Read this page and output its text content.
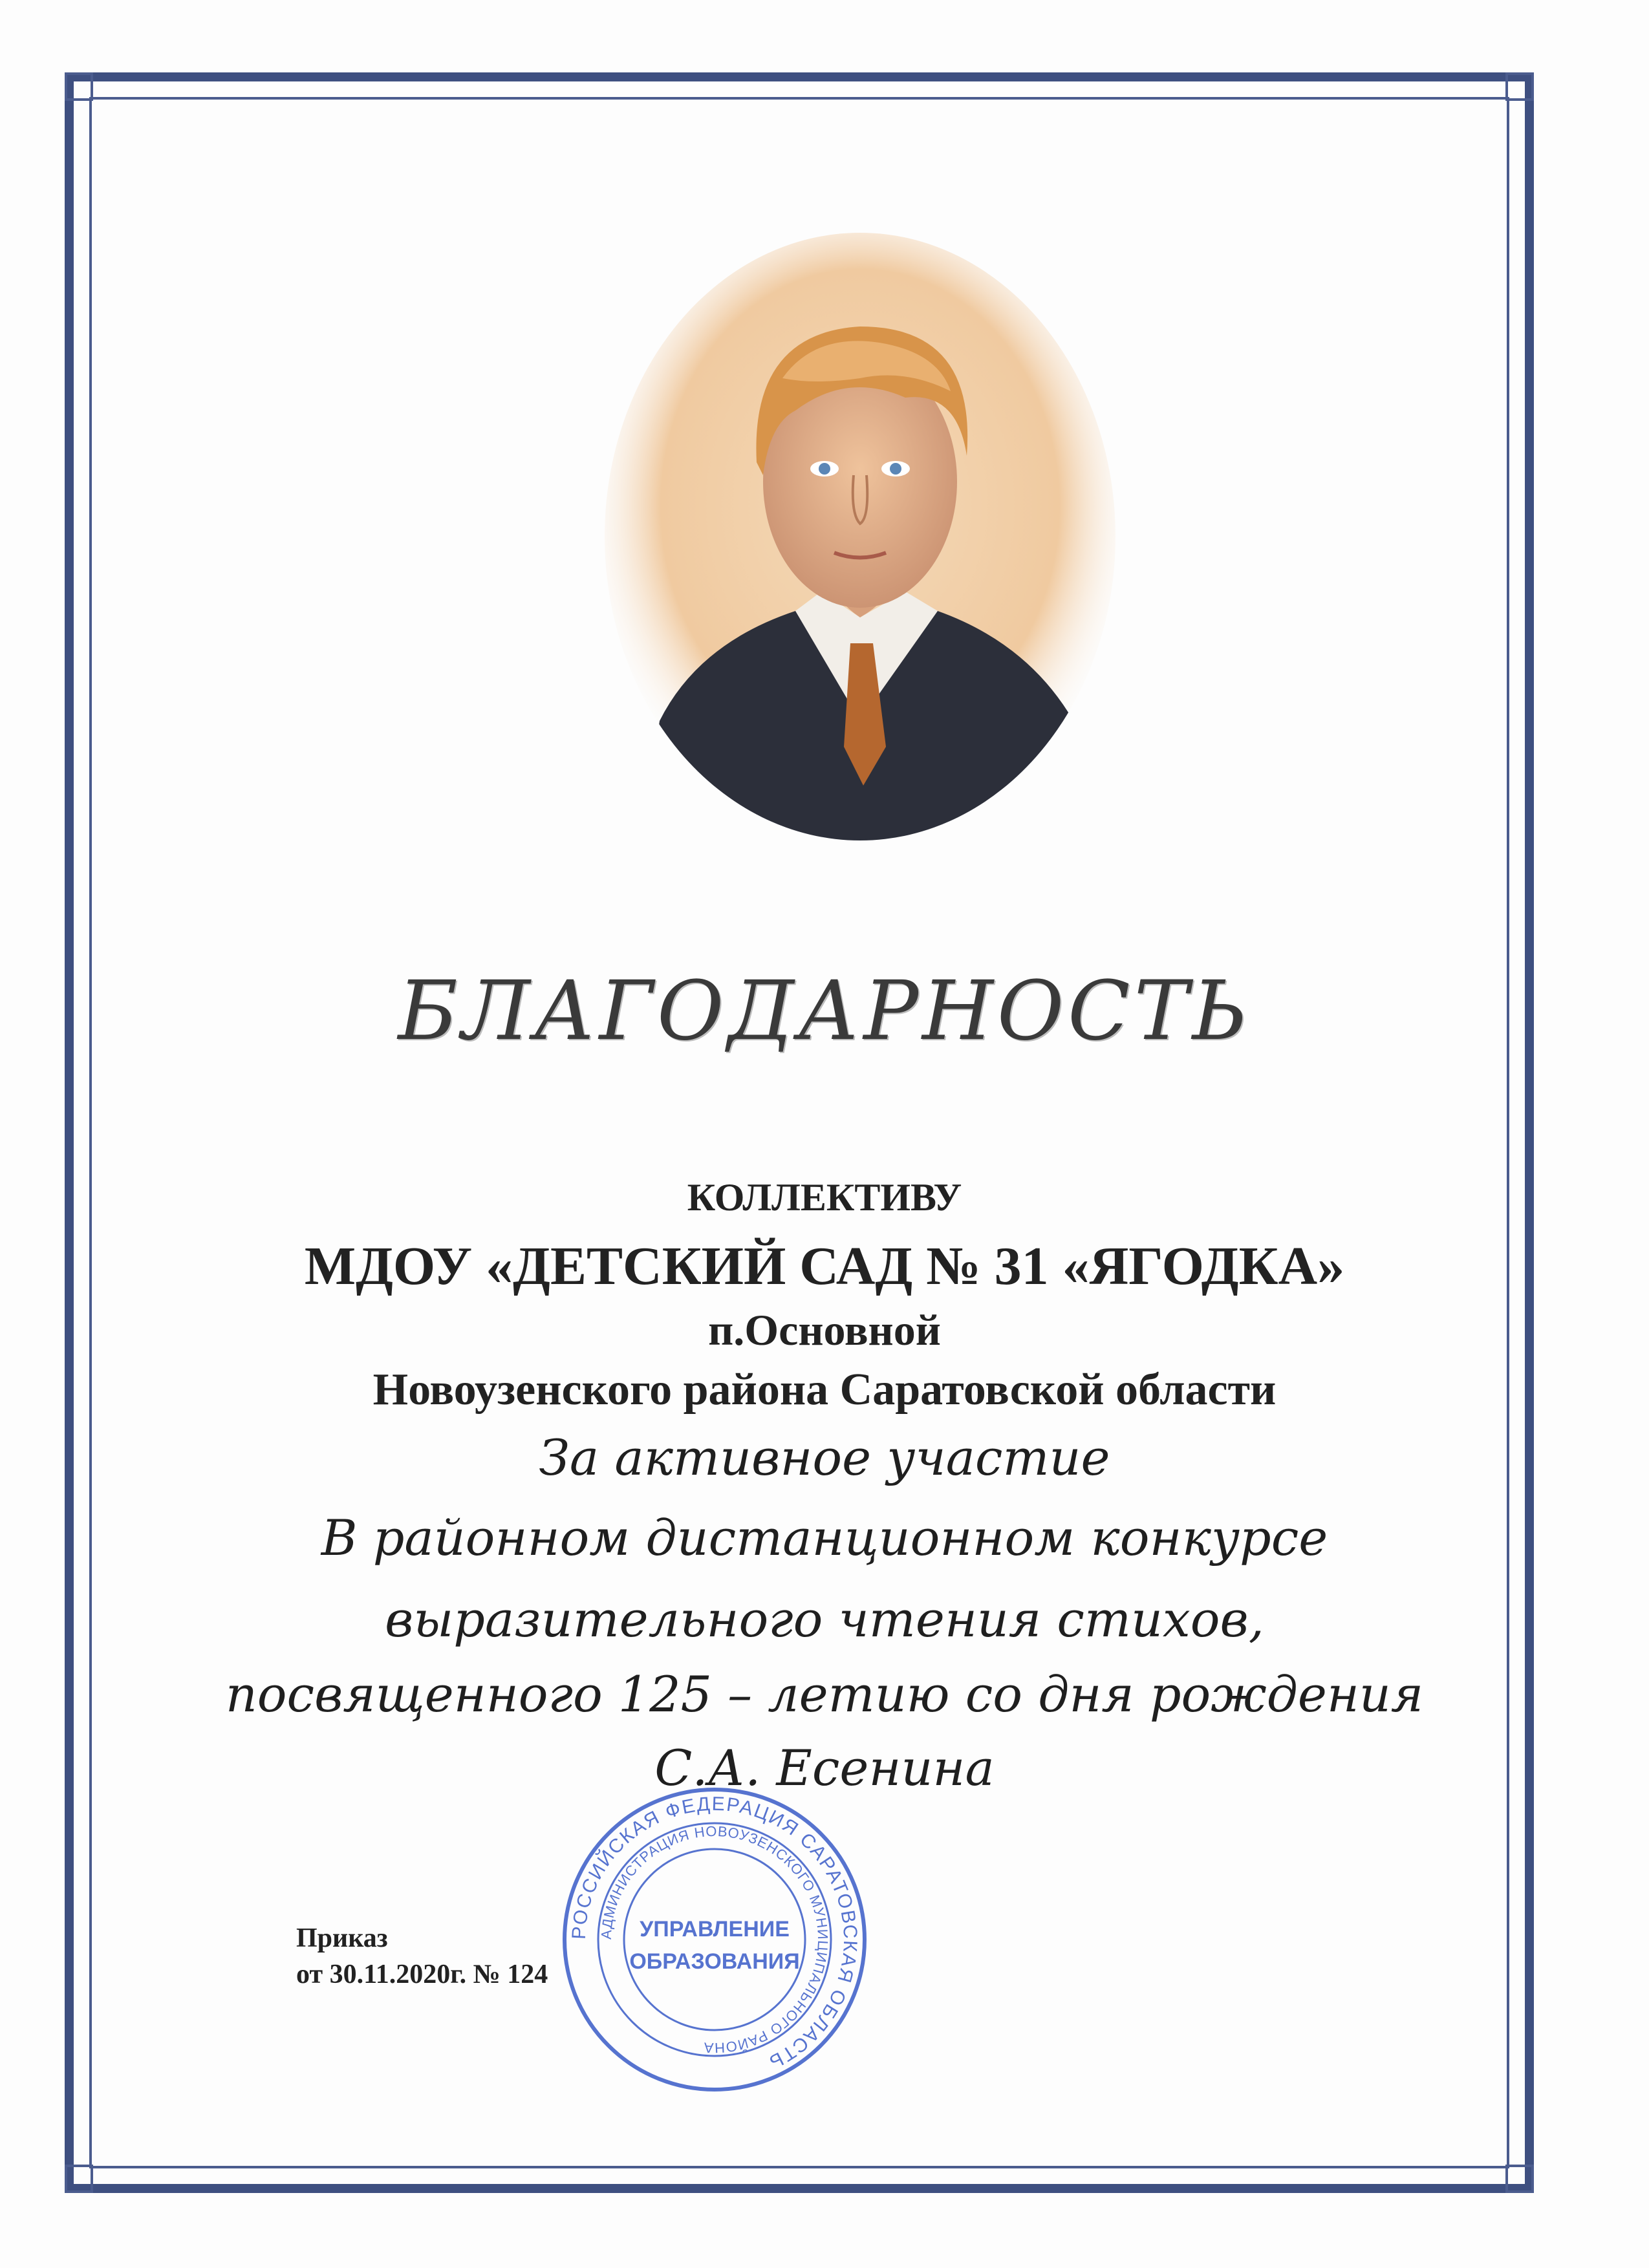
БЛАГОДАРНОСТЬ
КОЛЛЕКТИВУ
МДОУ «ДЕТСКИЙ САД № 31 «ЯГОДКА»
п.Основной
Новоузенского района Саратовской области
За активное участие
В районном дистанционном конкурсе
выразительного чтения стихов,
посвященного 125 – летию со дня рождения
С.А. Есенина
Приказ
от 30.11.2020г. № 124
РОССИЙСКАЯ ФЕДЕРАЦИЯ САРАТОВСКАЯ ОБЛАСТЬ
АДМИНИСТРАЦИЯ НОВОУЗЕНСКОГО МУНИЦИПАЛЬНОГО РАЙОНА
УПРАВЛЕНИЕ
ОБРАЗОВАНИЯ
